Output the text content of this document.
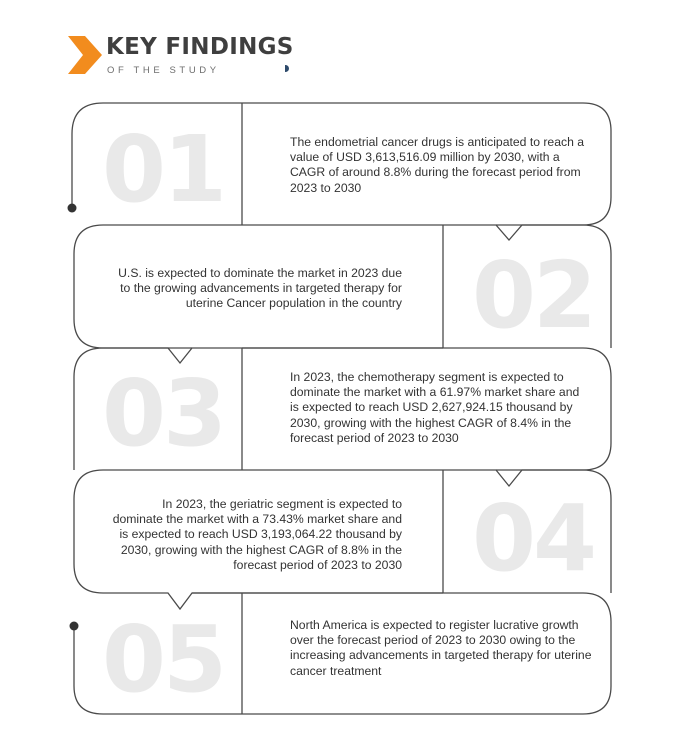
KEY FINDINGS
OF THE STUDY
01
02
03
04
05
The endometrial cancer drugs is anticipated to reach a value of USD 3,613,516.09 million by 2030, with a CAGR of around 8.8% during the forecast period from 2023 to 2030
U.S. is expected to dominate the market in 2023 due to the growing advancements in targeted therapy for uterine Cancer population in the country
In 2023, the chemotherapy segment is expected to dominate the market with a 61.97% market share and is expected to reach USD 2,627,924.15 thousand by 2030, growing with the highest CAGR of 8.4% in the forecast period of 2023 to 2030
In 2023, the geriatric segment is expected to dominate the market with a 73.43% market share and is expected to reach USD 3,193,064.22 thousand by 2030, growing with the highest CAGR of 8.8% in the forecast period of 2023 to 2030
North America is expected to register lucrative growth over the forecast period of 2023 to 2030 owing to the increasing advancements in targeted therapy for uterine cancer treatment
